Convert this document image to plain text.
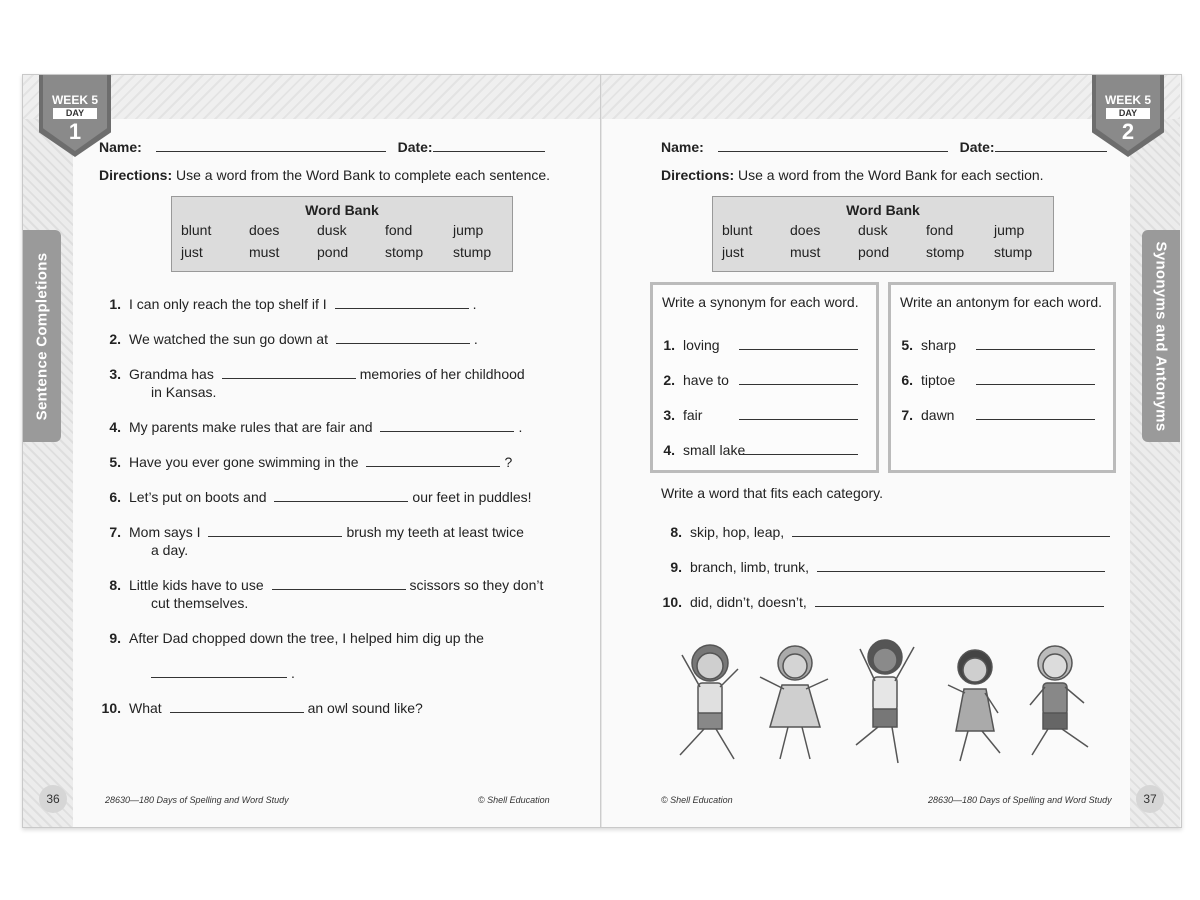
Sentence Completions
WEEK 5
DAY
1
Name:	Date:
Directions: Use a word from the Word Bank to complete each sentence.
Word Bank
blunt	does	dusk	fond	jump
just	must	pond	stomp	stump
1. I can only reach the top shelf if I	.
2. We watched the sun go down at	.
3. Grandma has	memories of her childhood
in Kansas.
4. My parents make rules that are fair and	.
5. Have you ever gone swimming in the	?
6. Let’s put on boots and	our feet in puddles!
7. Mom says I	brush my teeth at least twice
a day.
8. Little kids have to use	scissors so they don’t
cut themselves.
9. After Dad chopped down the tree, I helped him dig up the
.
10. What	an owl sound like?
36	28630—180 Days of Spelling and Word Study	© Shell Education
Synonyms and Antonyms
WEEK 5
DAY
2
Name:	Date:
Directions: Use a word from the Word Bank for each section.
Word Bank
blunt	does	dusk	fond	jump
just	must	pond	stomp	stump
Write a synonym for each word.
1. loving
2. have to
3. fair
4. small lake
Write an antonym for each word.
5. sharp
6. tiptoe
7. dawn
Write a word that fits each category.
8. skip, hop, leap,
9. branch, limb, trunk,
10. did, didn’t, doesn’t,
37
© Shell Education	28630—180 Days of Spelling and Word Study
